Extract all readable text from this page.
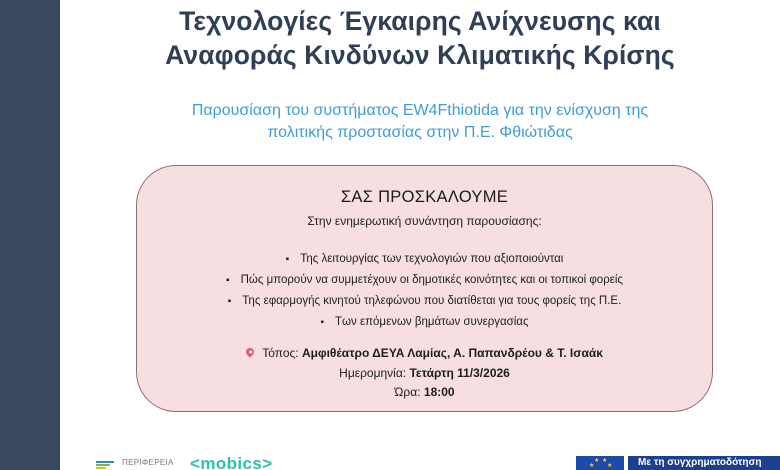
Τεχνολογίες Έγκαιρης Ανίχνευσης και
Αναφοράς Κινδύνων Κλιματικής Κρίσης
Παρουσίαση του συστήματος EW4Fthiotida για την ενίσχυση της
πολιτικής προστασίας στην Π.Ε. Φθιώτιδας
ΣΑΣ ΠΡΟΣΚΑΛΟΥΜΕ
Στην ενημερωτική συνάντηση παρουσίασης:
▪ Της λειτουργίας των τεχνολογιών που αξιοποιούνται
▪ Πώς μπορούν να συμμετέχουν οι δημοτικές κοινότητες και οι τοπικοί φορείς
▪ Της εφαρμογής κινητού τηλεφώνου που διατίθεται για τους φορείς της Π.Ε.
▪ Των επόμενων βημάτων συνεργασίας
Τόπος: Αμφιθέατρο ΔΕΥΑ Λαμίας, Α. Παπανδρέου & Τ. Ισαάκ
Ημερομηνία: Τετάρτη 11/3/2026
Ώρα: 18:00
ΠΕΡΙΦΕΡΕΙΑ <mobics>	★ ★
★ ★	Με τη συγχρηματοδότηση
